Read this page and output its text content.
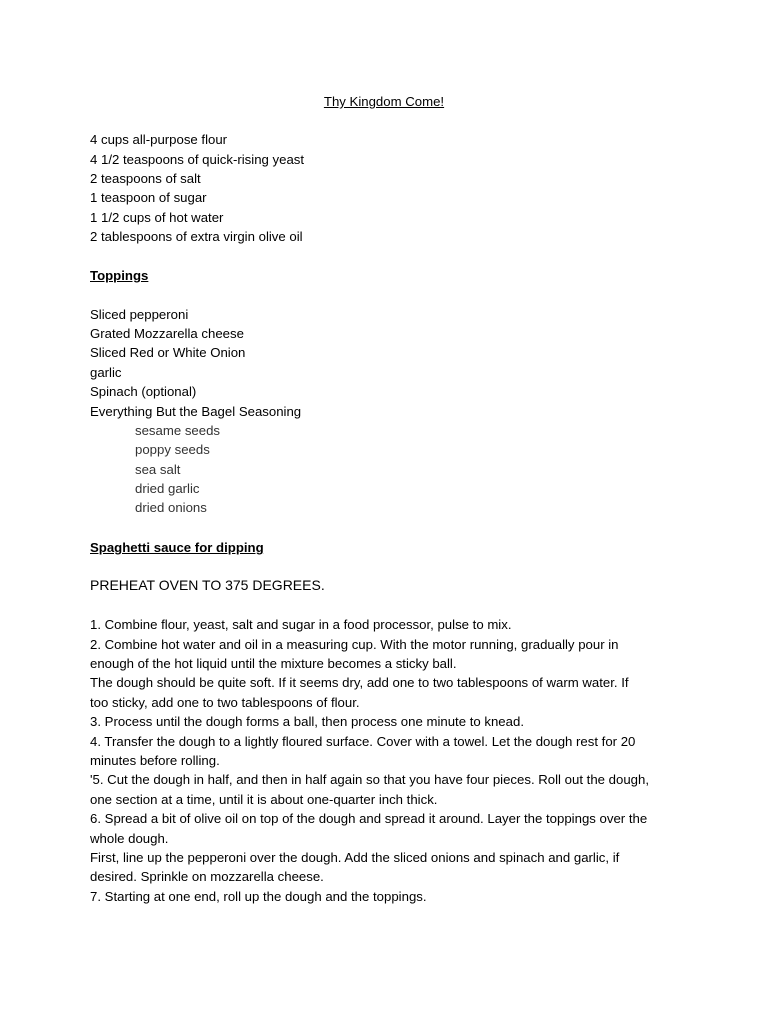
Thy Kingdom Come!
4 cups all-purpose flour
4 1/2 teaspoons of quick-rising yeast
2 teaspoons of salt
1 teaspoon of sugar
1 1/2 cups of hot water
2 tablespoons of extra virgin olive oil
Toppings
Sliced pepperoni
Grated Mozzarella cheese
Sliced Red or White Onion
garlic
Spinach (optional)
Everything But the Bagel Seasoning
sesame seeds
poppy seeds
sea salt
dried garlic
dried onions
Spaghetti sauce for dipping
PREHEAT OVEN TO 375 DEGREES.
1. Combine flour, yeast, salt and sugar in a food processor, pulse to mix.
2. Combine hot water and oil in a measuring cup. With the motor running, gradually pour in
enough of the hot liquid until the mixture becomes a sticky ball.
The dough should be quite soft. If it seems dry, add one to two tablespoons of warm water. If
too sticky, add one to two tablespoons of flour.
3. Process until the dough forms a ball, then process one minute to knead.
4. Transfer the dough to a lightly floured surface. Cover with a towel. Let the dough rest for 20
minutes before rolling.
'5. Cut the dough in half, and then in half again so that you have four pieces. Roll out the dough,
one section at a time, until it is about one-quarter inch thick.
6. Spread a bit of olive oil on top of the dough and spread it around. Layer the toppings over the
whole dough.
First, line up the pepperoni over the dough. Add the sliced onions and spinach and garlic, if
desired. Sprinkle on mozzarella cheese.
7. Starting at one end, roll up the dough and the toppings.
